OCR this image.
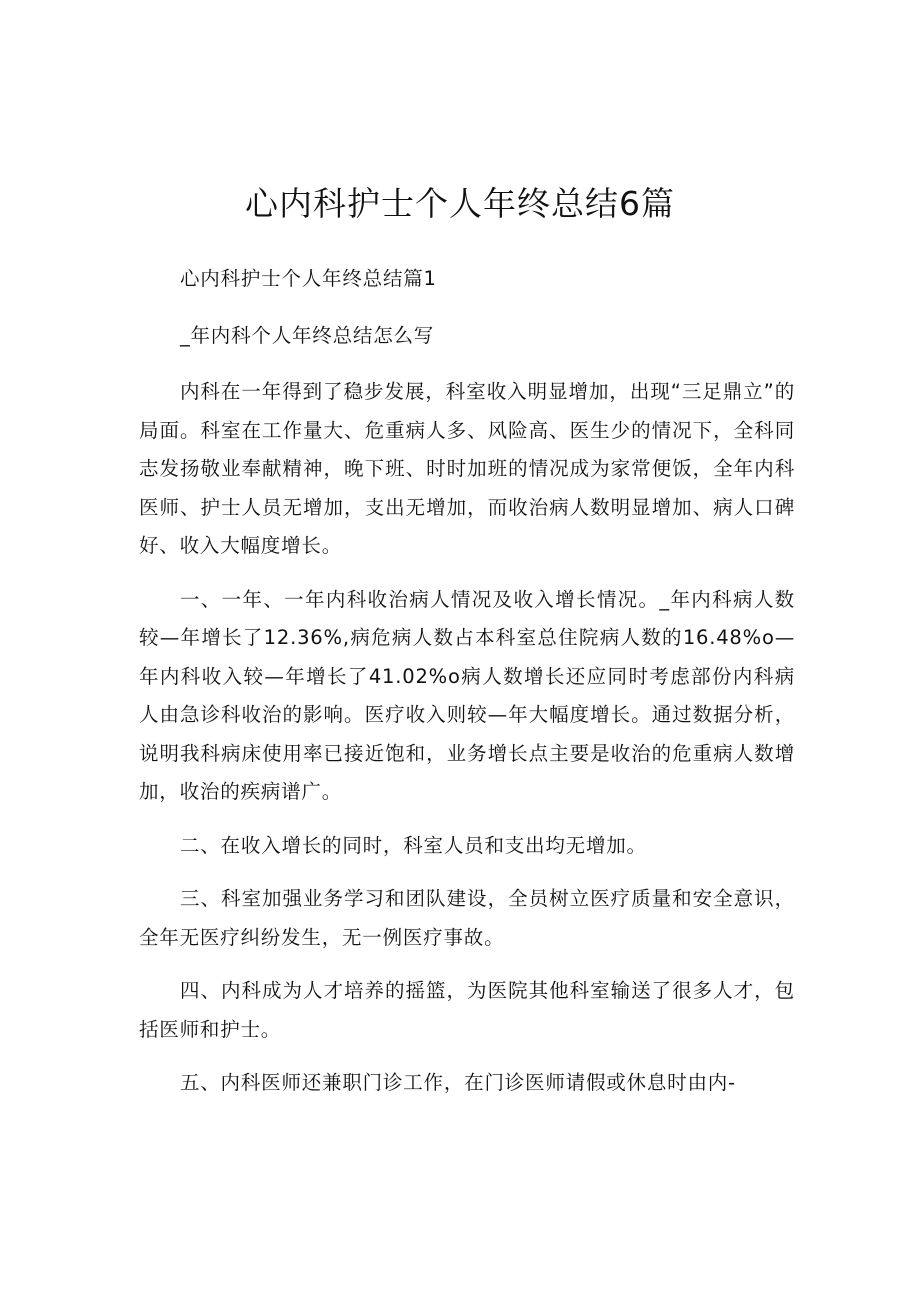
心内科护士个人年终总结6篇

心内科护士个人年终总结篇1

_年内科个人年终总结怎么写

内科在一年得到了稳步发展，科室收入明显增加，出现“三足鼎立”的局面。科室在工作量大、危重病人多、风险高、医生少的情况下，全科同志发扬敬业奉献精神，晚下班、时时加班的情况成为家常便饭，全年内科医师、护士人员无增加，支出无增加，而收治病人数明显增加、病人口碑好、收入大幅度增长。

一、一年、一年内科收治病人情况及收入增长情况。_年内科病人数较—年增长了12.36%,病危病人数占本科室总住院病人数的16.48%o—年内科收入较—年增长了41.02%o病人数增长还应同时考虑部份内科病人由急诊科收治的影响。医疗收入则较—年大幅度增长。通过数据分析，说明我科病床使用率已接近饱和，业务增长点主要是收治的危重病人数增加，收治的疾病谱广。

二、在收入增长的同时，科室人员和支出均无增加。

三、科室加强业务学习和团队建设，全员树立医疗质量和安全意识，全年无医疗纠纷发生，无一例医疗事故。

四、内科成为人才培养的摇篮，为医院其他科室输送了很多人才，包括医师和护士。

五、内科医师还兼职门诊工作，在门诊医师请假或休息时由内-
